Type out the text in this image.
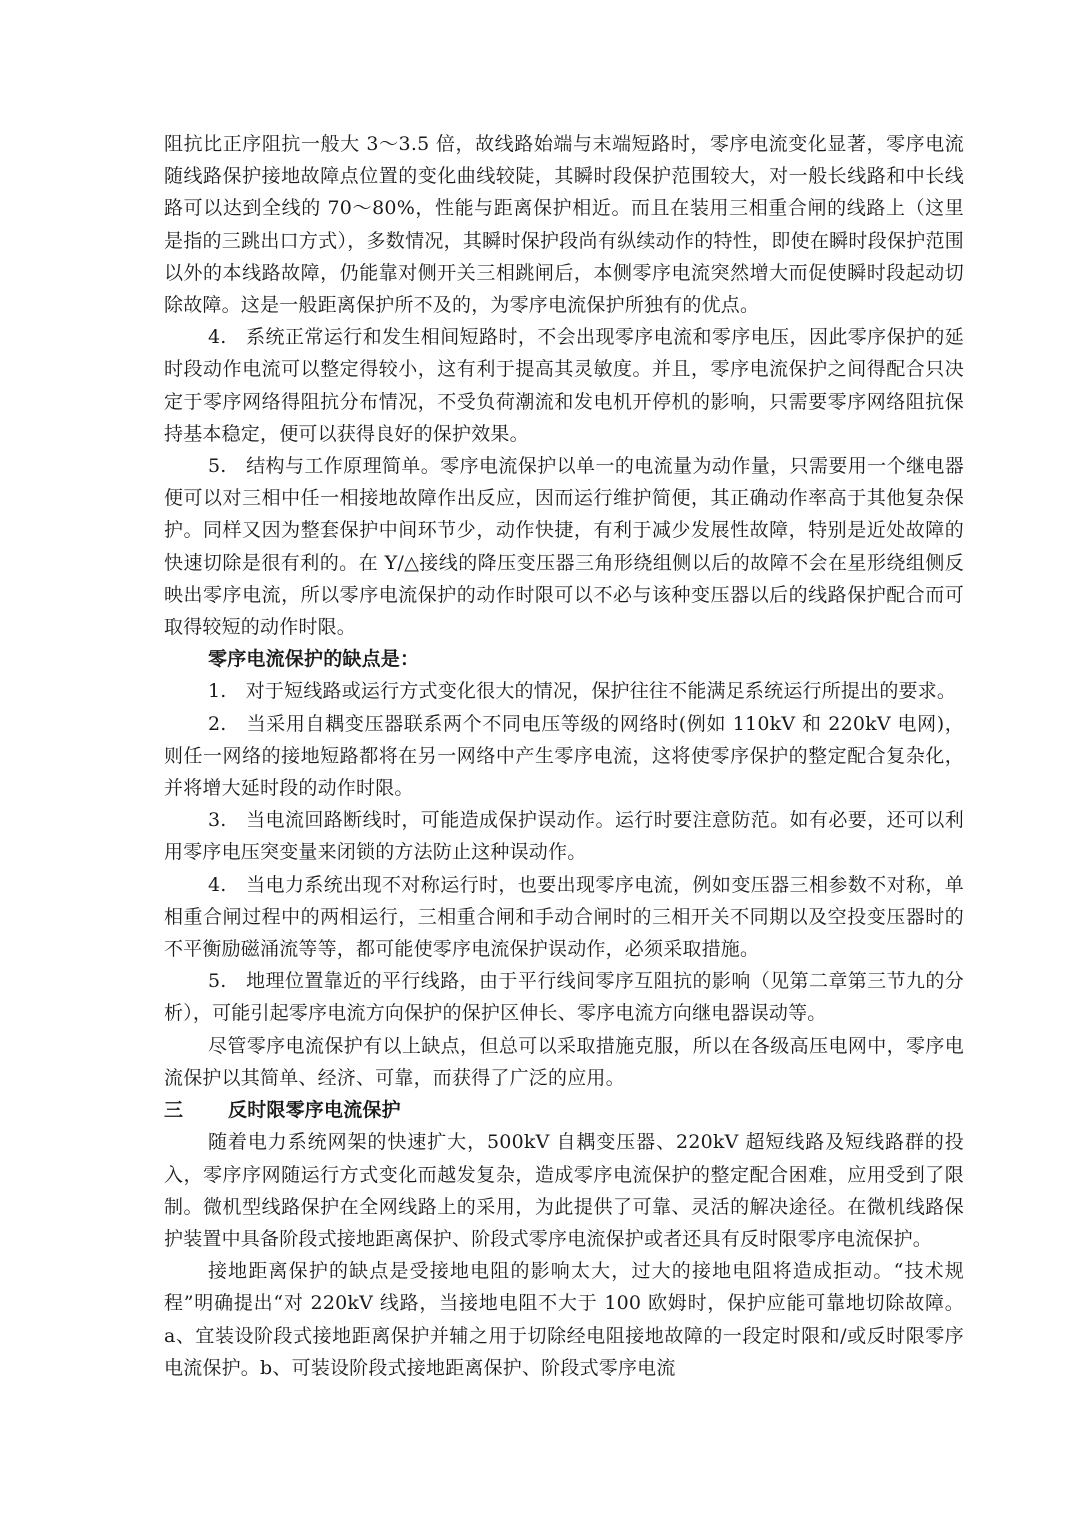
阻抗比正序阻抗一般大 3～3.5 倍，故线路始端与末端短路时，零序电流变化显著，零序电流随线路保护接地故障点位置的变化曲线较陡，其瞬时段保护范围较大，对一般长线路和中长线路可以达到全线的 70～80%，性能与距离保护相近。而且在装用三相重合闸的线路上（这里是指的三跳出口方式），多数情况，其瞬时保护段尚有纵续动作的特性，即使在瞬时段保护范围以外的本线路故障，仍能靠对侧开关三相跳闸后，本侧零序电流突然增大而促使瞬时段起动切除故障。这是一般距离保护所不及的，为零序电流保护所独有的优点。

4.　系统正常运行和发生相间短路时，不会出现零序电流和零序电压，因此零序保护的延时段动作电流可以整定得较小，这有利于提高其灵敏度。并且，零序电流保护之间得配合只决定于零序网络得阻抗分布情况，不受负荷潮流和发电机开停机的影响，只需要零序网络阻抗保持基本稳定，便可以获得良好的保护效果。

5.　结构与工作原理简单。零序电流保护以单一的电流量为动作量，只需要用一个继电器便可以对三相中任一相接地故障作出反应，因而运行维护简便，其正确动作率高于其他复杂保护。同样又因为整套保护中间环节少，动作快捷，有利于减少发展性故障，特别是近处故障的快速切除是很有利的。在 Y/△接线的降压变压器三角形绕组侧以后的故障不会在星形绕组侧反映出零序电流，所以零序电流保护的动作时限可以不必与该种变压器以后的线路保护配合而可取得较短的动作时限。

零序电流保护的缺点是：

1.　对于短线路或运行方式变化很大的情况，保护往往不能满足系统运行所提出的要求。

2.　当采用自耦变压器联系两个不同电压等级的网络时(例如 110kV 和 220kV 电网)，则任一网络的接地短路都将在另一网络中产生零序电流，这将使零序保护的整定配合复杂化，并将增大延时段的动作时限。

3.　当电流回路断线时，可能造成保护误动作。运行时要注意防范。如有必要，还可以利用零序电压突变量来闭锁的方法防止这种误动作。

4.　当电力系统出现不对称运行时，也要出现零序电流，例如变压器三相参数不对称，单相重合闸过程中的两相运行，三相重合闸和手动合闸时的三相开关不同期以及空投变压器时的不平衡励磁涌流等等，都可能使零序电流保护误动作，必须采取措施。

5.　地理位置靠近的平行线路，由于平行线间零序互阻抗的影响（见第二章第三节九的分析），可能引起零序电流方向保护的保护区伸长、零序电流方向继电器误动等。

尽管零序电流保护有以上缺点，但总可以采取措施克服，所以在各级高压电网中，零序电流保护以其简单、经济、可靠，而获得了广泛的应用。

三 反时限零序电流保护

随着电力系统网架的快速扩大，500kV 自耦变压器、220kV 超短线路及短线路群的投入，零序序网随运行方式变化而越发复杂，造成零序电流保护的整定配合困难，应用受到了限制。微机型线路保护在全网线路上的采用，为此提供了可靠、灵活的解决途径。在微机线路保护装置中具备阶段式接地距离保护、阶段式零序电流保护或者还具有反时限零序电流保护。

接地距离保护的缺点是受接地电阻的影响太大，过大的接地电阻将造成拒动。“技术规程”明确提出“对 220kV 线路，当接地电阻不大于 100 欧姆时，保护应能可靠地切除故障。a、宜装设阶段式接地距离保护并辅之用于切除经电阻接地故障的一段定时限和/或反时限零序电流保护。b、可装设阶段式接地距离保护、阶段式零序电流
